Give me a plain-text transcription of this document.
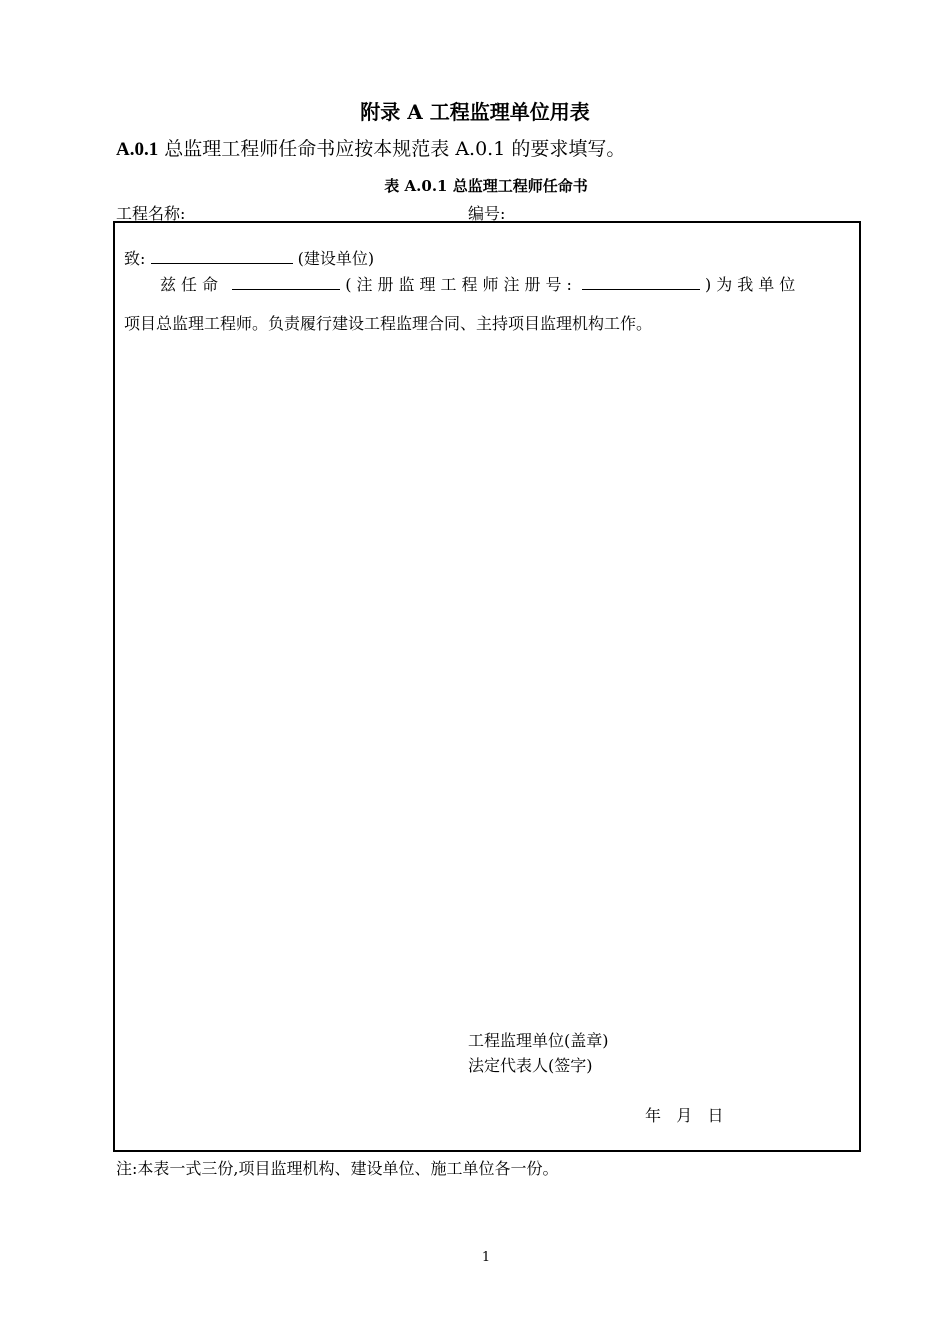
附录 A 工程监理单位用表
A.0.1 总监理工程师任命书应按本规范表 A.0.1 的要求填写。
表 A.0.1 总监理工程师任命书
工程名称:	编号:
致:	(建设单位)
兹任命	(注册监理工程师注册号:	)为我单位
项目总监理工程师。负责履行建设工程监理合同、主持项目监理机构工作。
工程监理单位(盖章)
法定代表人(签字)
年   月   日
注:本表一式三份,项目监理机构、建设单位、施工单位各一份。
1
